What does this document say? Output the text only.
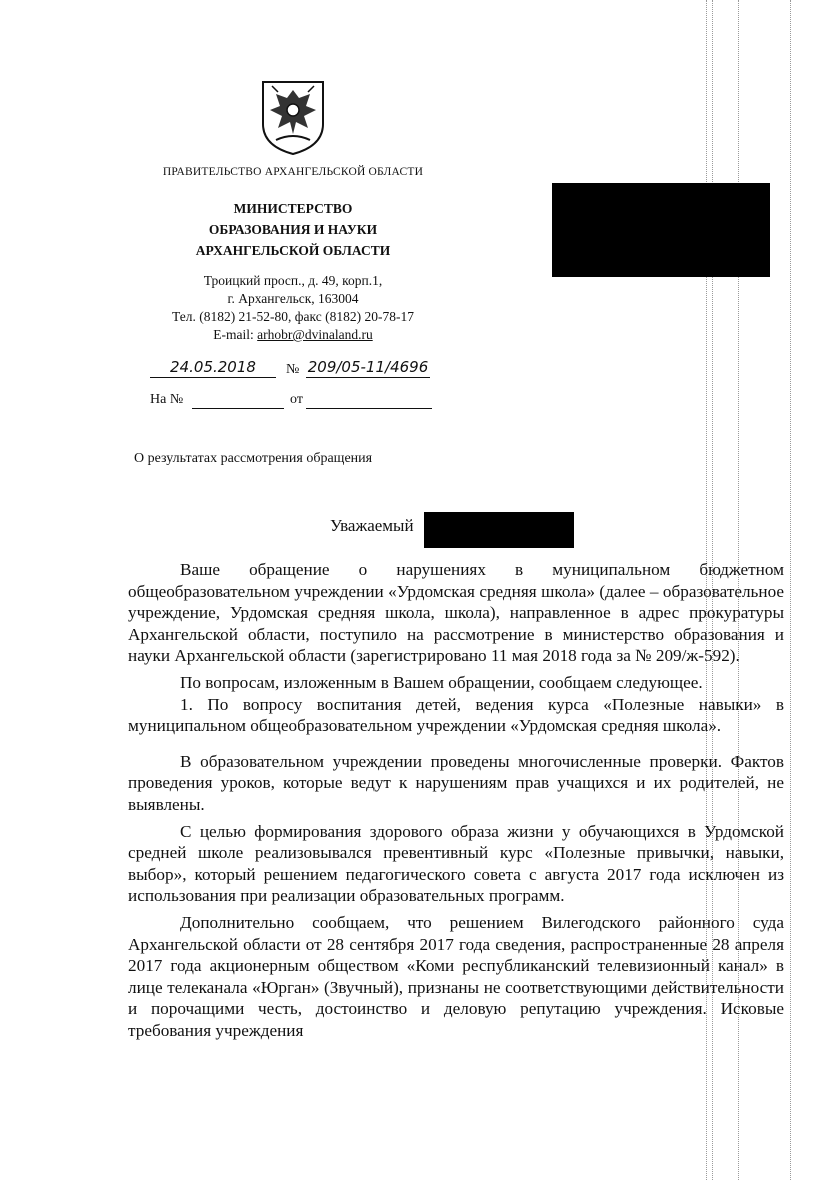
ПРАВИТЕЛЬСТВО АРХАНГЕЛЬСКОЙ ОБЛАСТИ
МИНИСТЕРСТВО
ОБРАЗОВАНИЯ И НАУКИ
АРХАНГЕЛЬСКОЙ ОБЛАСТИ
Троицкий просп., д. 49, корп.1,
г. Архангельск, 163004
Тел. (8182) 21-52-80, факс (8182) 20-78-17
E-mail: arhobr@dvinaland.ru
24.05.2018	№ 209/05-11/4696
На №	от
О результатах рассмотрения обращения
Уважаемый

Ваше обращение о нарушениях в муниципальном бюджетном общеобразовательном учреждении «Урдомская средняя школа» (далее – образовательное учреждение, Урдомская средняя школа, школа), направленное в адрес прокуратуры Архангельской области, поступило на рассмотрение в министерство образования и науки Архангельской области (зарегистрировано 11 мая 2018 года за № 209/ж-592).

По вопросам, изложенным в Вашем обращении, сообщаем следующее.

1. По вопросу воспитания детей, ведения курса «Полезные навыки» в муниципальном общеобразовательном учреждении «Урдомская средняя школа».

В образовательном учреждении проведены многочисленные проверки. Фактов проведения уроков, которые ведут к нарушениям прав учащихся и их родителей, не выявлены.

С целью формирования здорового образа жизни у обучающихся в Урдомской средней школе реализовывался превентивный курс «Полезные привычки, навыки, выбор», который решением педагогического совета с августа 2017 года исключен из использования при реализации образовательных программ.

Дополнительно сообщаем, что решением Вилегодского районного суда Архангельской области от 28 сентября 2017 года сведения, распространенные 28 апреля 2017 года акционерным обществом «Коми республиканский телевизионный канал» в лице телеканала «Юрган» (Звучный), признаны не соответствующими действительности и порочащими честь, достоинство и деловую репутацию учреждения. Исковые требования учреждения
